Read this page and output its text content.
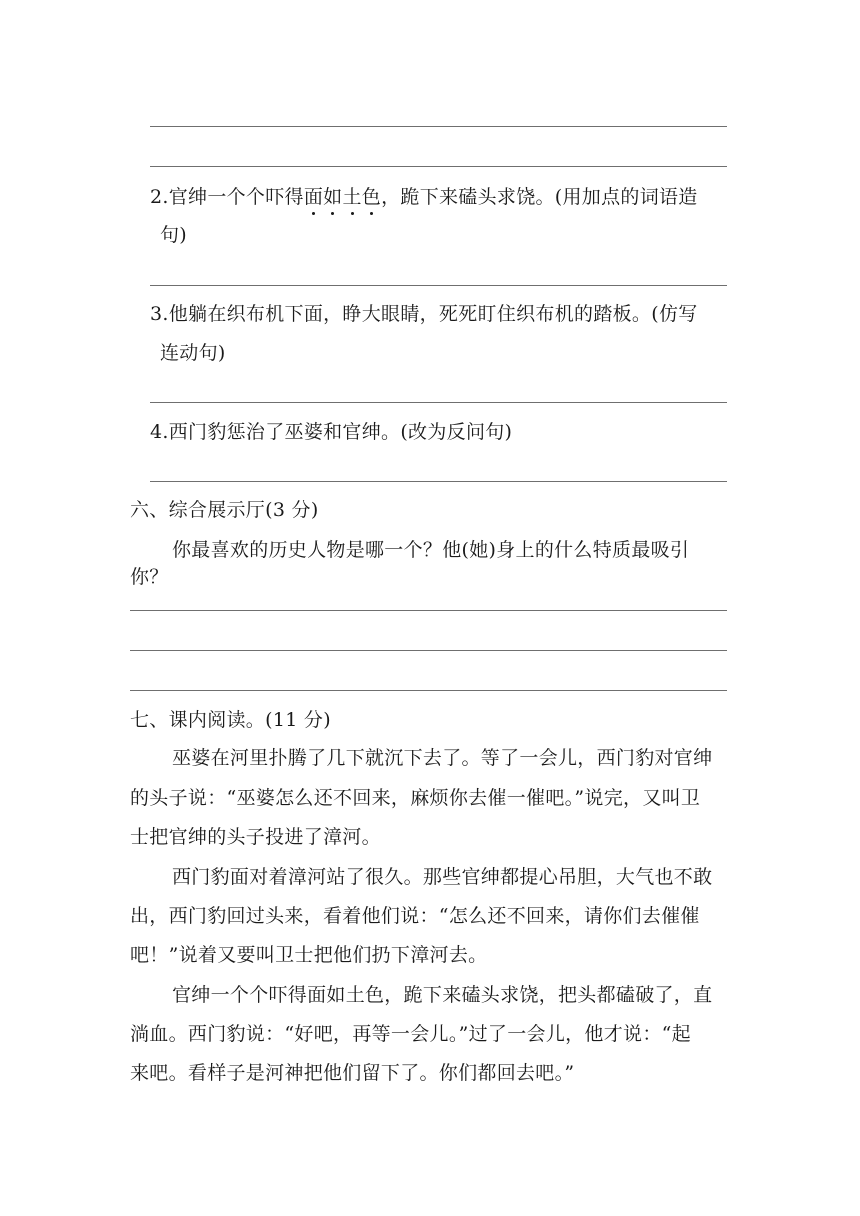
2.官绅一个个吓得面如土色，跪下来磕头求饶。(用加点的词语造
句)
3.他躺在织布机下面，睁大眼睛，死死盯住织布机的踏板。(仿写
连动句)
4.西门豹惩治了巫婆和官绅。(改为反问句)
六、综合展示厅(3 分)
你最喜欢的历史人物是哪一个？他(她)身上的什么特质最吸引
你？
七、课内阅读。(11 分)
巫婆在河里扑腾了几下就沉下去了。等了一会儿，西门豹对官绅
的头子说：“巫婆怎么还不回来，麻烦你去催一催吧。”说完，又叫卫
士把官绅的头子投进了漳河。
西门豹面对着漳河站了很久。那些官绅都提心吊胆，大气也不敢
出，西门豹回过头来，看着他们说：“怎么还不回来，请你们去催催
吧！”说着又要叫卫士把他们扔下漳河去。
官绅一个个吓得面如土色，跪下来磕头求饶，把头都磕破了，直
淌血。西门豹说：“好吧，再等一会儿。”过了一会儿，他才说：“起
来吧。看样子是河神把他们留下了。你们都回去吧。”
